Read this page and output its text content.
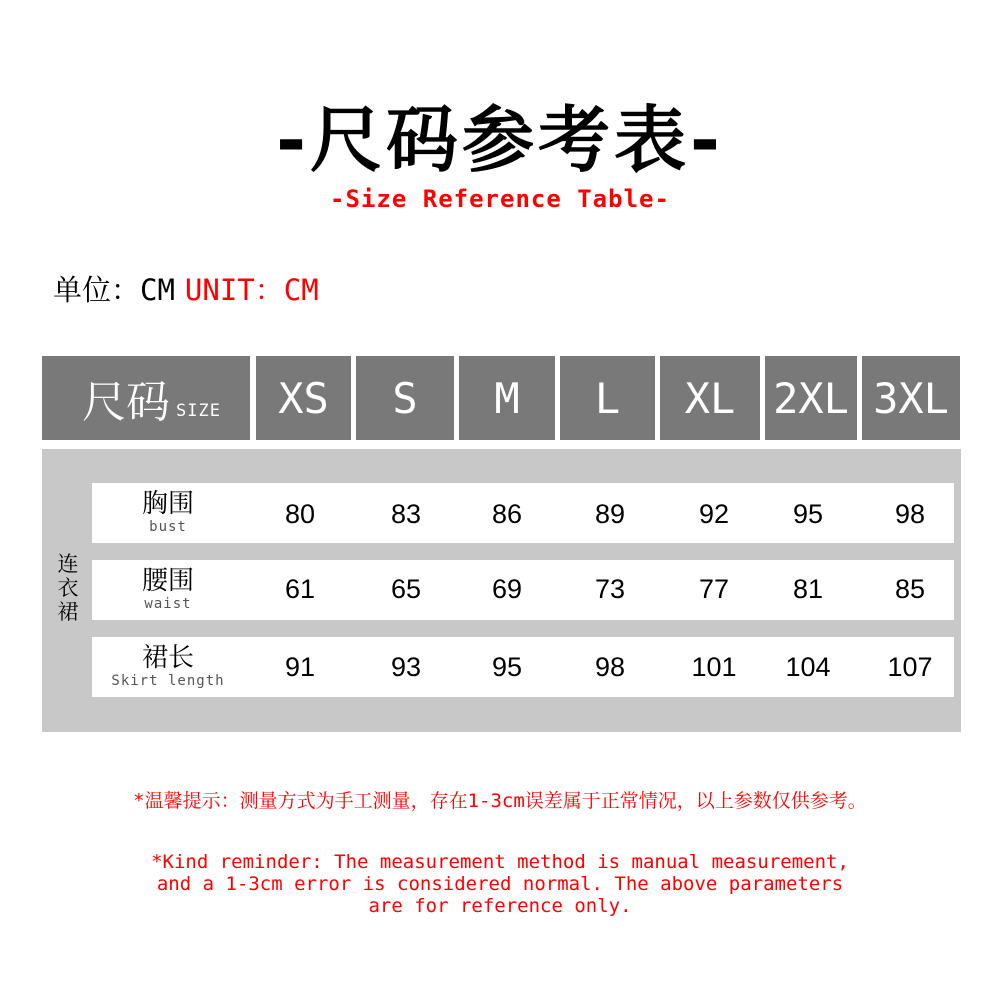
-尺码参考表-
-Size Reference Table-
单位：CM UNIT：CM
尺码 SIZE	XS	S	M	L	XL 2XL 3XL
连衣裙
胸围
bust	80	83	86	89	92	95	98
腰围
waist	61	65	69	73	77	81	85
裙长
Skirt length	91	93	95	98	101	104	107
*温馨提示：测量方式为手工测量，存在1-3cm误差属于正常情况，以上参数仅供参考。
*Kind reminder: The measurement method is manual measurement,
and a 1-3cm error is considered normal. The above parameters
are for reference only.
